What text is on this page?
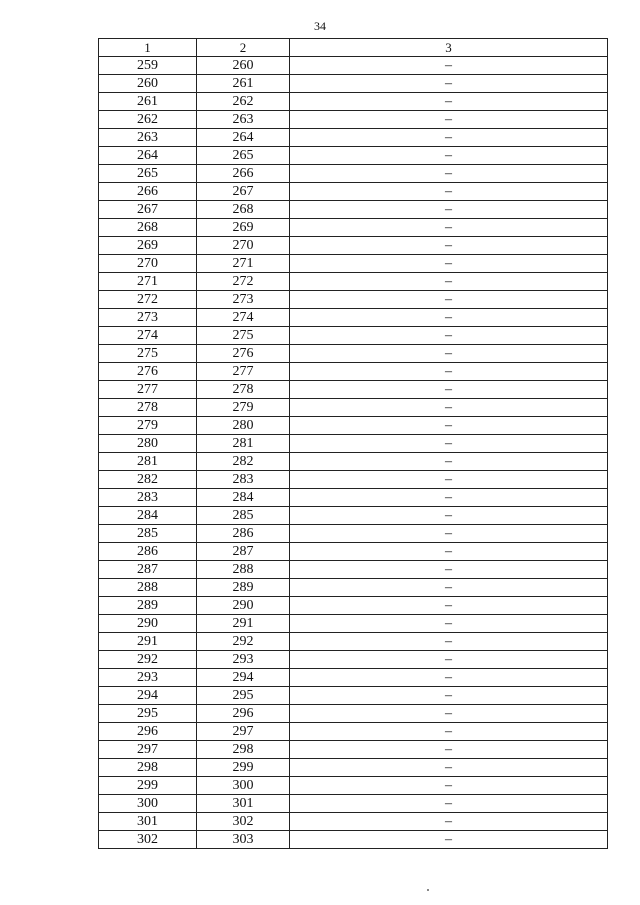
34
1	2	3
259	260	–
260	261	–
261	262	–
262	263	–
263	264	–
264	265	–
265	266	–
266	267	–
267	268	–
268	269	–
269	270	–
270	271	–
271	272	–
272	273	–
273	274	–
274	275	–
275	276	–
276	277	–
277	278	–
278	279	–
279	280	–
280	281	–
281	282	–
282	283	–
283	284	–
284	285	–
285	286	–
286	287	–
287	288	–
288	289	–
289	290	–
290	291	–
291	292	–
292	293	–
293	294	–
294	295	–
295	296	–
296	297	–
297	298	–
298	299	–
299	300	–
300	301	–
301	302	–
302	303	–
